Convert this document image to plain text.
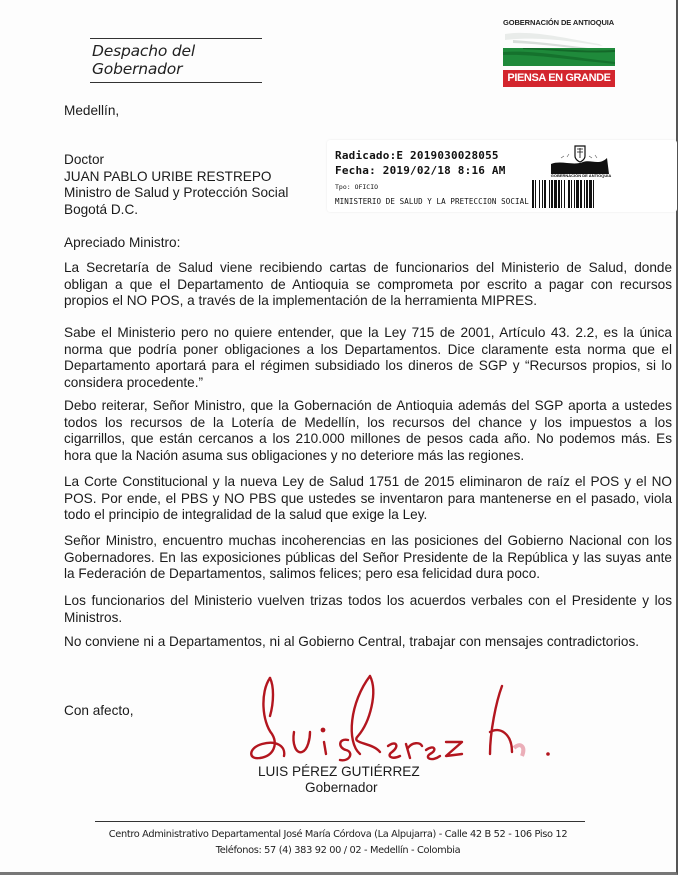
Despacho del Gobernador
GOBERNACIÓN DE ANTIOQUIA
PIENSA EN GRANDE
Medellín,
Doctor
JUAN PABLO URIBE RESTREPO
Ministro de Salud y Protección Social
Bogotá D.C.
Radicado:E 2019030028055
Fecha: 2019/02/18 8:16 AM
Tpo: OFICIO
MINISTERIO DE SALUD Y LA PRETECCION SOCIAL
GOBERNACIÓN DE ANTIOQUIA
Apreciado Ministro:

La Secretaría de Salud viene recibiendo cartas de funcionarios del Ministerio de Salud, donde obligan a que el Departamento de Antioquia se comprometa por escrito a pagar con recursos propios el NO POS, a través de la implementación de la herramienta MIPRES.

Sabe el Ministerio pero no quiere entender, que la Ley 715 de 2001, Artículo 43. 2.2, es la única norma que podría poner obligaciones a los Departamentos. Dice claramente esta norma que el Departamento aportará para el régimen subsidiado los dineros de SGP y “Recursos propios, si lo considera procedente.”

Debo reiterar, Señor Ministro, que la Gobernación de Antioquia además del SGP aporta a ustedes todos los recursos de la Lotería de Medellín, los recursos del chance y los impuestos a los cigarrillos, que están cercanos a los 210.000 millones de pesos cada año. No podemos más. Es hora que la Nación asuma sus obligaciones y no deteriore más las regiones.

La Corte Constitucional y la nueva Ley de Salud 1751 de 2015 eliminaron de raíz el POS y el NO POS. Por ende, el PBS y NO PBS que ustedes se inventaron para mantenerse en el pasado, viola todo el principio de integralidad de la salud que exige la Ley.

Señor Ministro, encuentro muchas incoherencias en las posiciones del Gobierno Nacional con los Gobernadores. En las exposiciones públicas del Señor Presidente de la República y las suyas ante la Federación de Departamentos, salimos felices; pero esa felicidad dura poco.

Los funcionarios del Ministerio vuelven trizas todos los acuerdos verbales con el Presidente y los Ministros.

No conviene ni a Departamentos, ni al Gobierno Central, trabajar con mensajes contradictorios.

Con afecto,
LUIS PÉREZ GUTIÉRREZ
Gobernador
Centro Administrativo Departamental José María Córdova (La Alpujarra) - Calle 42 B 52 - 106 Piso 12
Teléfonos: 57 (4) 383 92 00 / 02 - Medellín - Colombia
